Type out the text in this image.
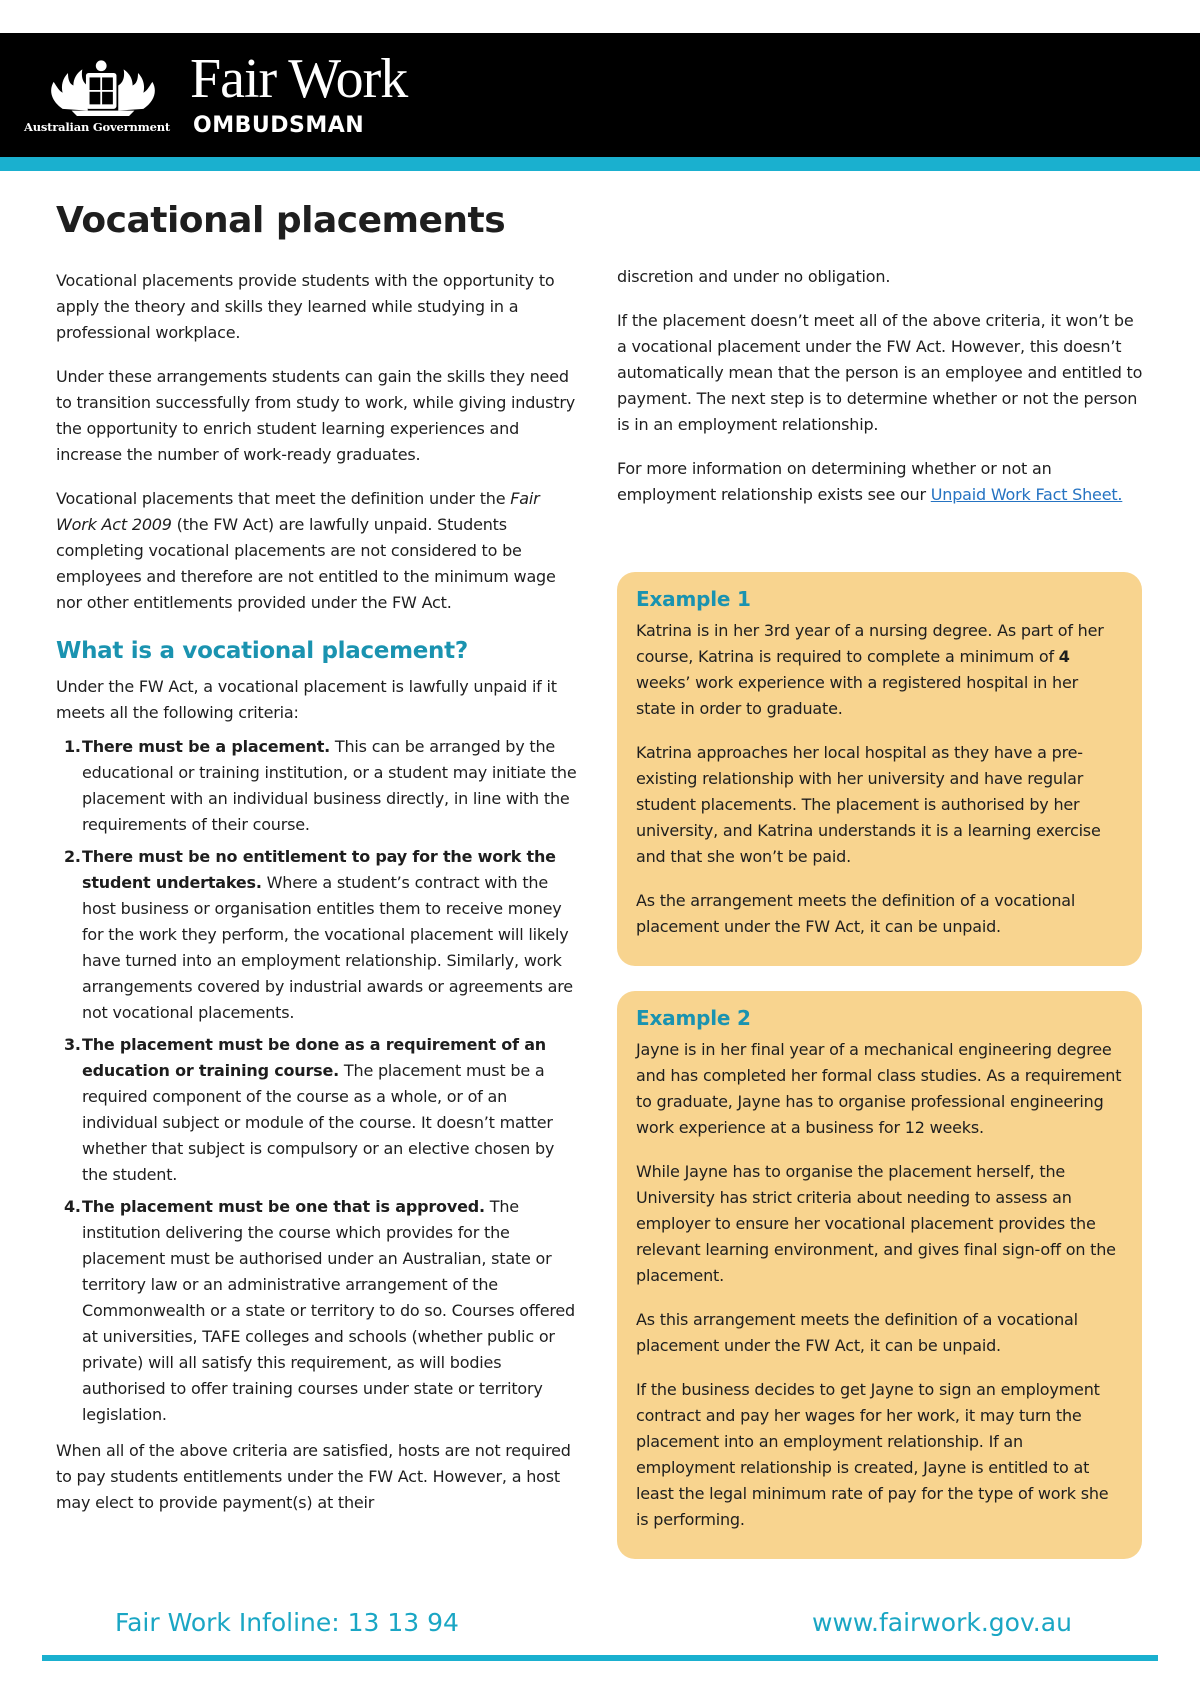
Australian Government
Fair Work
OMBUDSMAN
Vocational placements

Vocational placements provide students with the opportunity to apply the theory and skills they learned while studying in a professional workplace.

Under these arrangements students can gain the skills they need to transition successfully from study to work, while giving industry the opportunity to enrich student learning experiences and increase the number of work-ready graduates.

Vocational placements that meet the definition under the Fair Work Act 2009 (the FW Act) are lawfully unpaid. Students completing vocational placements are not considered to be employees and therefore are not entitled to the minimum wage nor other entitlements provided under the FW Act.

What is a vocational placement?

Under the FW Act, a vocational placement is lawfully unpaid if it meets all the following criteria:

1. There must be a placement. This can be arranged by the educational or training institution, or a student may initiate the placement with an individual business directly, in line with the requirements of their course.
2. There must be no entitlement to pay for the work the student undertakes. Where a student’s contract with the host business or organisation entitles them to receive money for the work they perform, the vocational placement will likely have turned into an employment relationship. Similarly, work arrangements covered by industrial awards or agreements are not vocational placements.
3. The placement must be done as a requirement of an education or training course. The placement must be a required component of the course as a whole, or of an individual subject or module of the course. It doesn’t matter whether that subject is compulsory or an elective chosen by the student.
4. The placement must be one that is approved. The institution delivering the course which provides for the placement must be authorised under an Australian, state or territory law or an administrative arrangement of the Commonwealth or a state or territory to do so. Courses offered at universities, TAFE colleges and schools (whether public or private) will all satisfy this requirement, as will bodies authorised to offer training courses under state or territory legislation.

When all of the above criteria are satisfied, hosts are not required to pay students entitlements under the FW Act. However, a host may elect to provide payment(s) at their

discretion and under no obligation.

If the placement doesn’t meet all of the above criteria, it won’t be a vocational placement under the FW Act. However, this doesn’t automatically mean that the person is an employee and entitled to payment. The next step is to determine whether or not the person is in an employment relationship.

For more information on determining whether or not an employment relationship exists see our Unpaid Work Fact Sheet.

Example 1

Katrina is in her 3rd year of a nursing degree. As part of her course, Katrina is required to complete a minimum of 4 weeks’ work experience with a registered hospital in her state in order to graduate.

Katrina approaches her local hospital as they have a pre-existing relationship with her university and have regular student placements. The placement is authorised by her university, and Katrina understands it is a learning exercise and that she won’t be paid.

As the arrangement meets the definition of a vocational placement under the FW Act, it can be unpaid.

Example 2

Jayne is in her final year of a mechanical engineering degree and has completed her formal class studies. As a requirement to graduate, Jayne has to organise professional engineering work experience at a business for 12 weeks.

While Jayne has to organise the placement herself, the University has strict criteria about needing to assess an employer to ensure her vocational placement provides the relevant learning environment, and gives final sign-off on the placement.

As this arrangement meets the definition of a vocational placement under the FW Act, it can be unpaid.

If the business decides to get Jayne to sign an employment contract and pay her wages for her work, it may turn the placement into an employment relationship. If an employment relationship is created, Jayne is entitled to at least the legal minimum rate of pay for the type of work she is performing.

Fair Work Infoline: 13 13 94	www.fairwork.gov.au
